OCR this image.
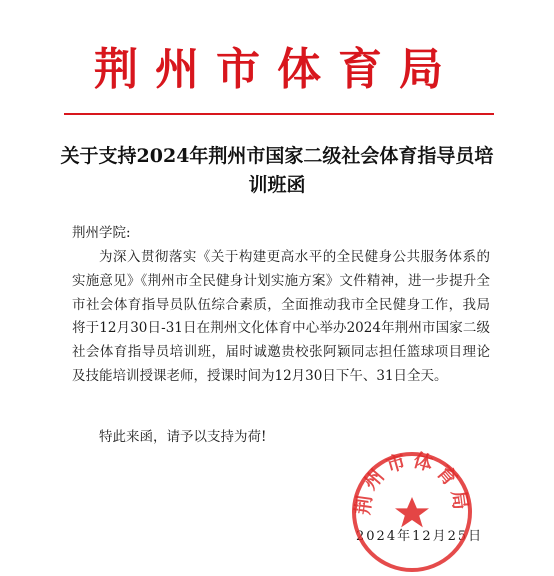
荆州市体育局
关于支持2024年荆州市国家二级社会体育指导员培训班函
荆州学院:

为深入贯彻落实《关于构建更高水平的全民健身公共服务体系的实施意见》《荆州市全民健身计划实施方案》文件精神，进一步提升全市社会体育指导员队伍综合素质，全面推动我市全民健身工作，我局将于12月30日-31日在荆州文化体育中心举办2024年荆州市国家二级社会体育指导员培训班，届时诚邀贵校张阿颖同志担任篮球项目理论及技能培训授课老师，授课时间为12月30日下午、31日全天。

特此来函，请予以支持为荷!
2024年12月25日
荆州市体育局
